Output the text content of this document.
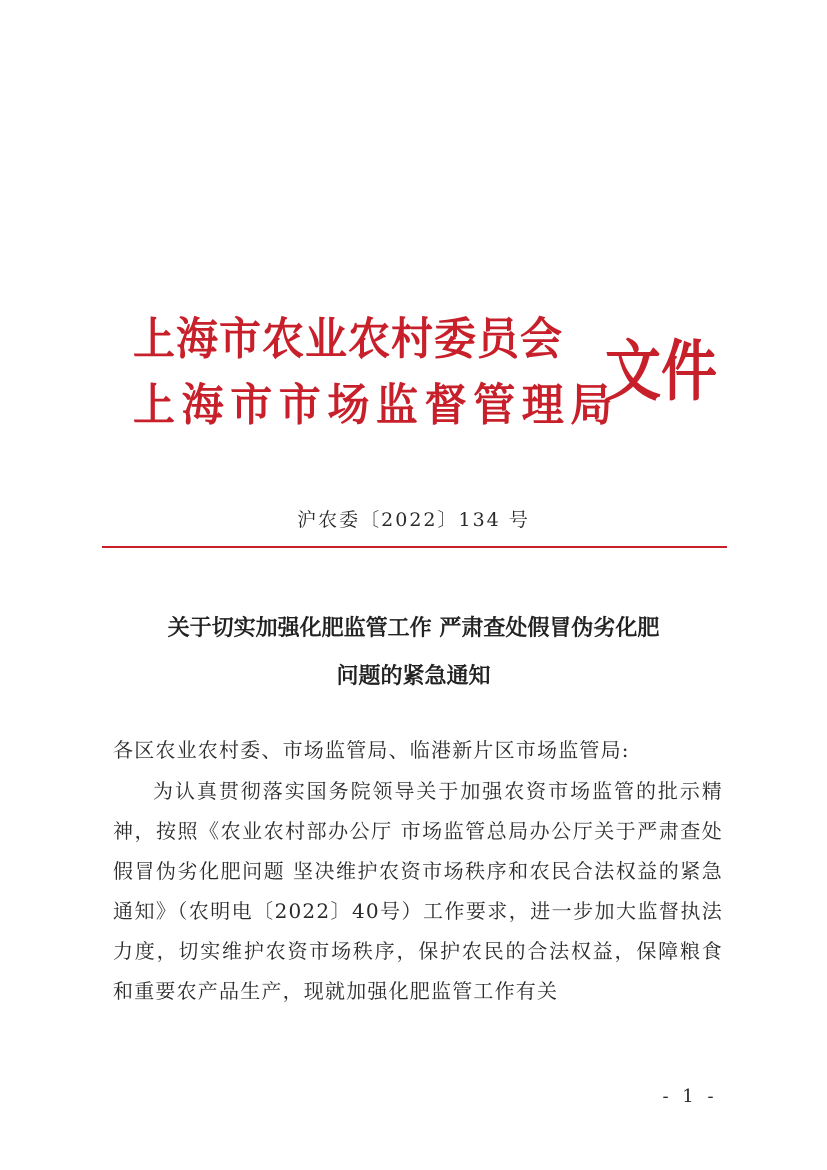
上海市农业农村委员会
上海市市场监督管理局
文件
沪农委〔2022〕134 号
关于切实加强化肥监管工作 严肃查处假冒伪劣化肥
问题的紧急通知
各区农业农村委、市场监管局、临港新片区市场监管局:
为认真贯彻落实国务院领导关于加强农资市场监管的批示精神，按照《农业农村部办公厅 市场监管总局办公厅关于严肃查处假冒伪劣化肥问题 坚决维护农资市场秩序和农民合法权益的紧急通知》（农明电〔2022〕40号）工作要求，进一步加大监督执法力度，切实维护农资市场秩序，保护农民的合法权益，保障粮食和重要农产品生产，现就加强化肥监管工作有关
- 1 -
